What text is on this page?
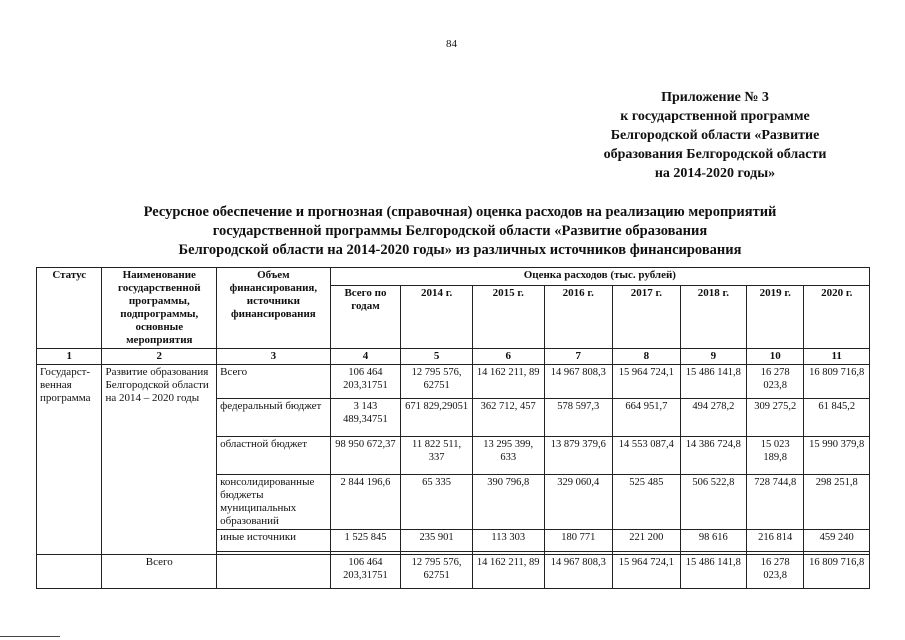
84
Приложение № 3
к государственной программе
Белгородской области «Развитие
образования Белгородской области
на 2014-2020 годы»
Ресурсное обеспечение и прогнозная (справочная) оценка расходов на реализацию мероприятий
государственной программы Белгородской области «Развитие образования
Белгородской области на 2014-2020 годы» из различных источников финансирования
Статус	Наименование государственной программы, подпрограммы, основные мероприятия	Объем финансирования, источники финансирования	Оценка расходов (тыс. рублей)							
			Всего по годам	2014 г.	2015 г.	2016 г.	2017 г.	2018 г.	2019 г.	2020 г.
1	2	3	4	5	6	7	8	9	10	11
Государст-венная программа	Развитие образования Белгородской области на 2014 – 2020 годы	Всего	106 464 203,31751	12 795 576, 62751	14 162 211, 89	14 967 808,3	15 964 724,1	15 486 141,8	16 278 023,8	16 809 716,8
		федеральный бюджет	3 143 489,34751	671 829,29051	362 712, 457	578 597,3	664 951,7	494 278,2	309 275,2	61 845,2
		областной бюджет	98 950 672,37	11 822 511, 337	13 295 399, 633	13 879 379,6	14 553 087,4	14 386 724,8	15 023 189,8	15 990 379,8
		консолидированные бюджеты муниципальных образований	2 844 196,6	65 335	390 796,8	329 060,4	525 485	506 522,8	728 744,8	298 251,8
		иные источники	1 525 845	235 901	113 303	180 771	221 200	98 616	216 814	459 240

	Всего		106 464 203,31751	12 795 576, 62751	14 162 211, 89	14 967 808,3	15 964 724,1	15 486 141,8	16 278 023,8	16 809 716,8
